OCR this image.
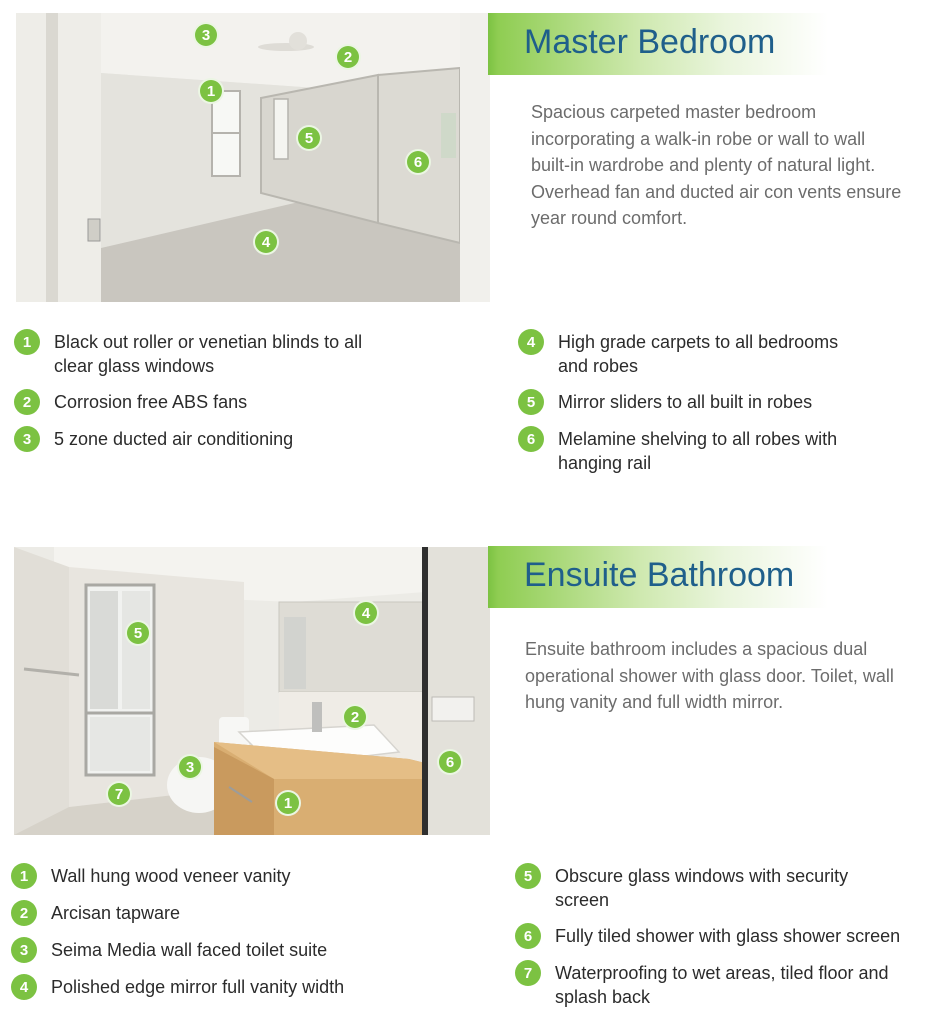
3
2
1
5
6
4
Master Bedroom
Spacious carpeted master bedroom incorporating a walk-in robe or wall to wall built-in wardrobe and plenty of natural light. Overhead fan and ducted air con vents ensure year round comfort.
1	Black out roller or venetian blinds to all clear glass windows
2	Corrosion free ABS fans
3	5 zone ducted air conditioning
4	High grade carpets to all bedrooms and robes
5	Mirror sliders to all built in robes
6	Melamine shelving to all robes with hanging rail
5
4
2
3	6
7
1
Ensuite Bathroom
Ensuite bathroom includes a spacious dual operational shower with glass door. Toilet, wall hung vanity and full width mirror.
1	Wall hung wood veneer vanity
2	Arcisan tapware
3	Seima Media wall faced toilet suite
4	Polished edge mirror full vanity width
5	Obscure glass windows with security screen
6	Fully tiled shower with glass shower screen
7	Waterproofing to wet areas, tiled floor and splash back
